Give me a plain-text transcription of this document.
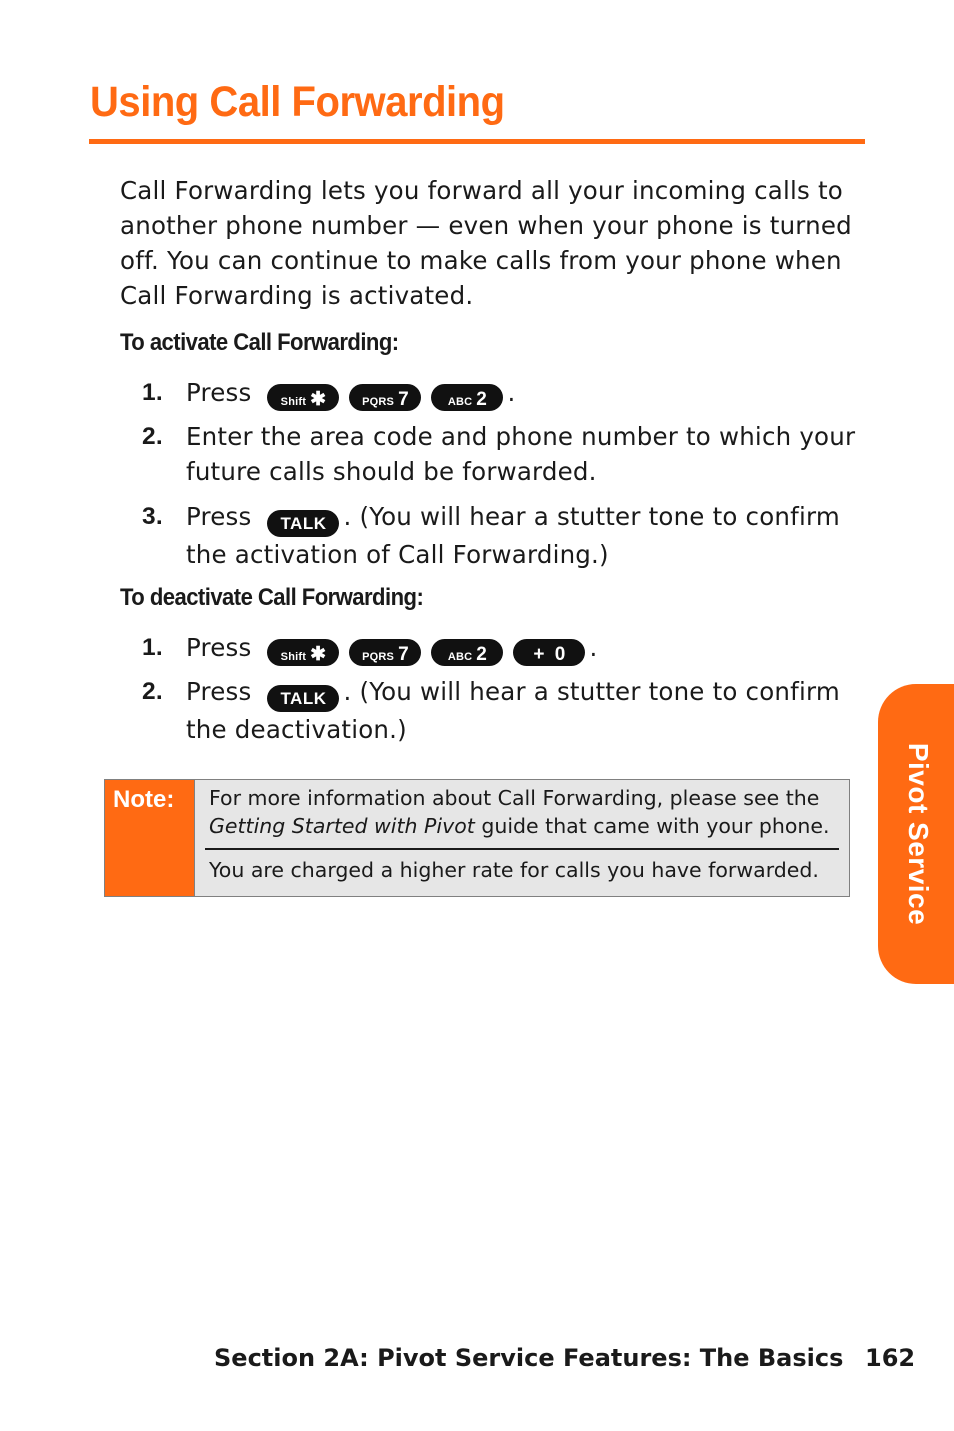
Using Call Forwarding

Call Forwarding lets you forward all your incoming calls to another phone number — even when your phone is turned off. You can continue to make calls from your phone when Call Forwarding is activated.

To activate Call Forwarding:
1. Press	Shift ✱	PQRS 7	ABC 2 .
2. Enter the area code and phone number to which your future calls should be forwarded.
3. Press TALK . (You will hear a stutter tone to confirm the activation of Call Forwarding.)
To deactivate Call Forwarding:
1. Press	Shift ✱	PQRS 7	ABC 2 + 0 .
2. Press TALK . (You will hear a stutter tone to confirm the deactivation.)
Note: For more information about Call Forwarding, please see the Getting Started with Pivot guide that came with your phone.

You are charged a higher rate for calls you have forwarded.	Pivot Service
Section 2A: Pivot Service Features: The Basics 162
